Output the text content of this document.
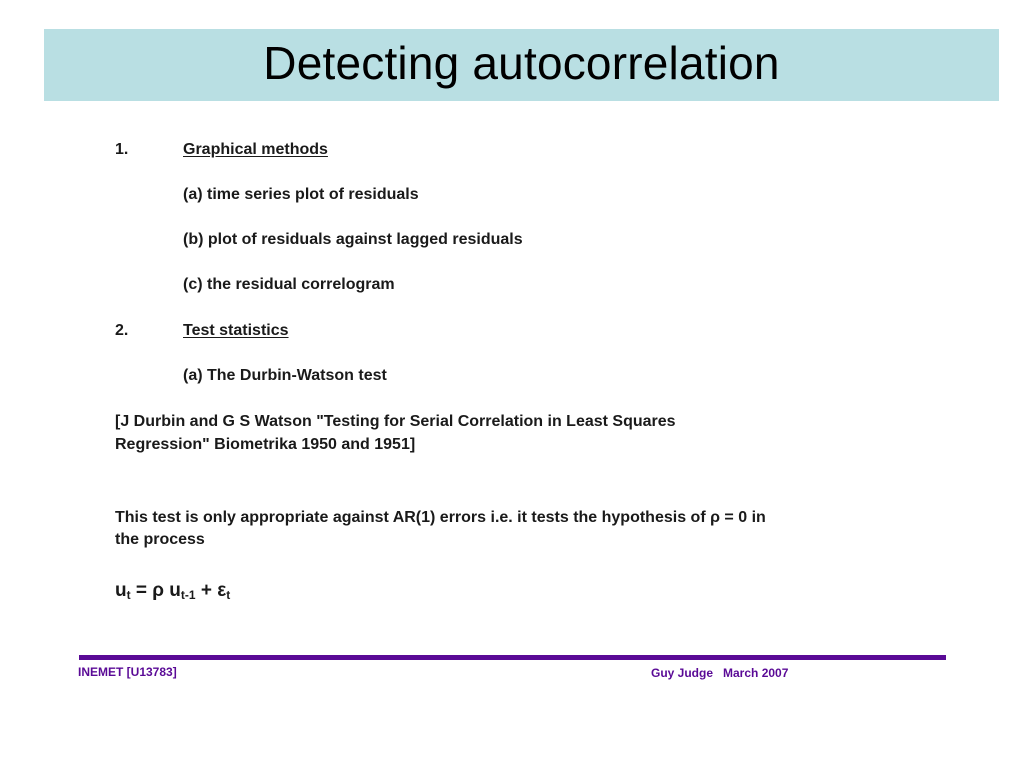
Detecting autocorrelation
1.	Graphical methods
(a) time series plot of residuals
(b) plot of residuals against lagged residuals
(c) the residual correlogram
2.	Test statistics
(a) The Durbin-Watson test
[J Durbin and G S Watson "Testing for Serial Correlation in Least Squares
Regression" Biometrika 1950 and 1951]
This test is only appropriate against AR(1) errors i.e. it tests the hypothesis of ρ = 0 in
the process
$u_t = \rho$ $u_{t-1} + \varepsilon_t$
INEMET [U13783]	Guy Judge   March 2007
